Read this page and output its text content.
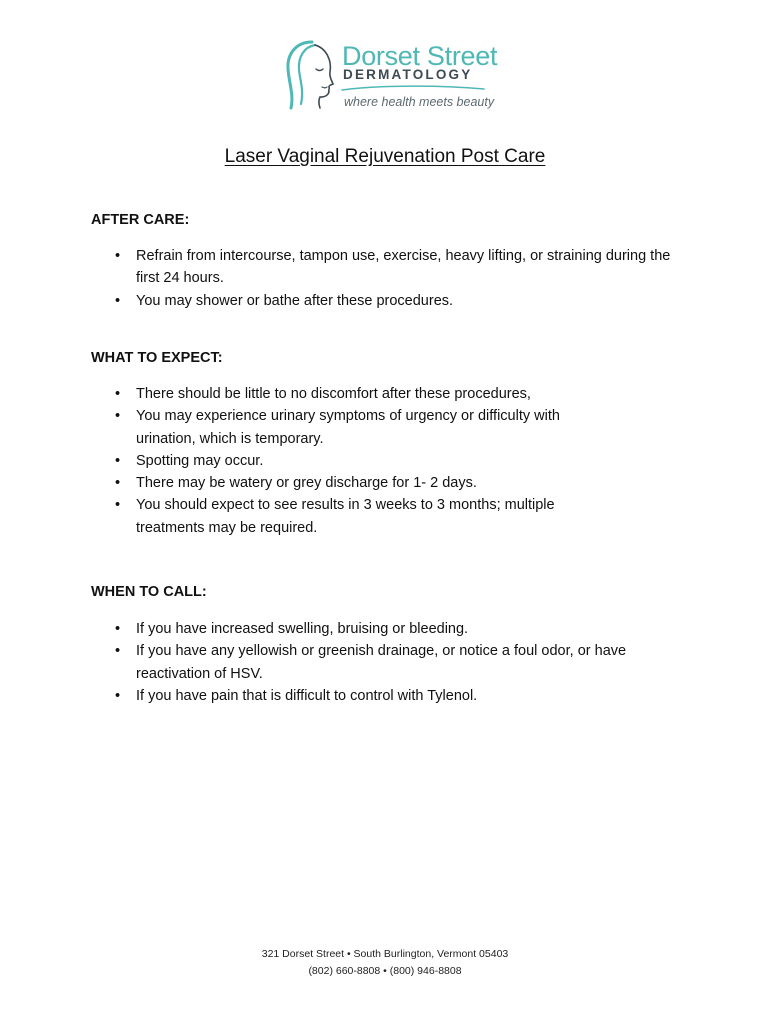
Dorset Street
DERMATOLOGY
where health meets beauty
Laser Vaginal Rejuvenation Post Care
AFTER CARE:
• Refrain from intercourse, tampon use, exercise, heavy lifting, or straining during the first 24 hours.
• You may shower or bathe after these procedures.
WHAT TO EXPECT:
• There should be little to no discomfort after these procedures,
• You may experience urinary symptoms of urgency or difficulty with urination, which is temporary.
• Spotting may occur.
• There may be watery or grey discharge for 1- 2 days.
• You should expect to see results in 3 weeks to 3 months; multiple treatments may be required.
WHEN TO CALL:
• If you have increased swelling, bruising or bleeding.
• If you have any yellowish or greenish drainage, or notice a foul odor, or have reactivation of HSV.
• If you have pain that is difficult to control with Tylenol.
321 Dorset Street • South Burlington, Vermont 05403
(802) 660-8808 • (800) 946-8808
